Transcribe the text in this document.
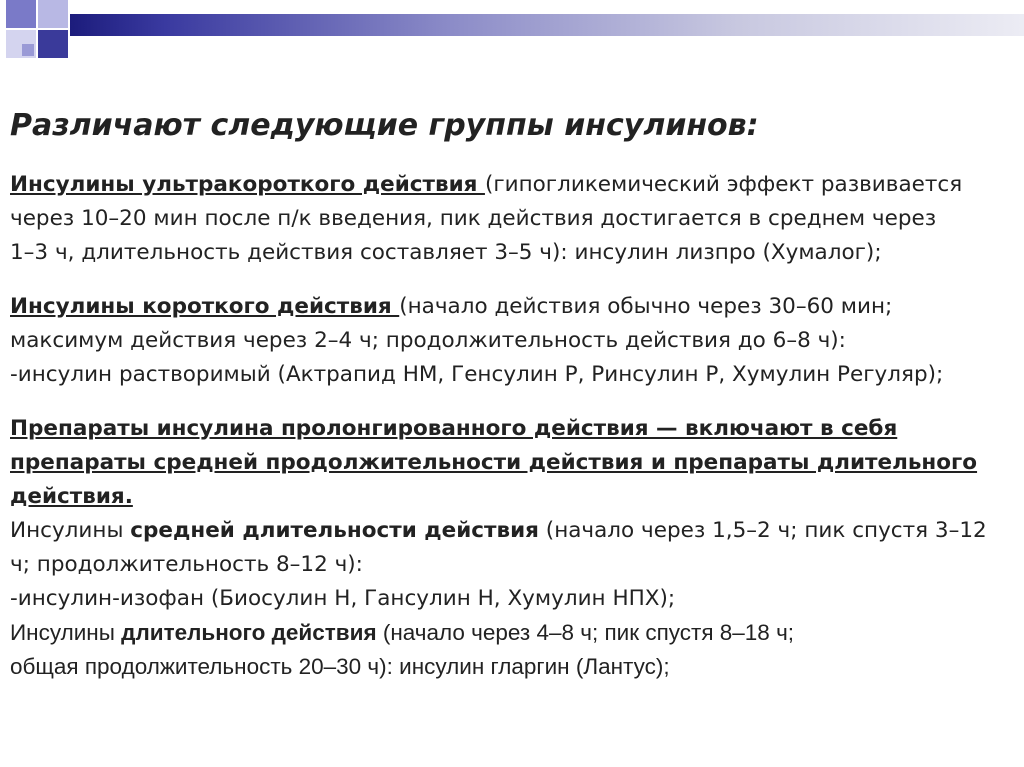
Различают следующие группы инсулинов:
Инсулины ультракороткого действия (гипогликемический эффект развивается
через 10–20 мин после п/к введения, пик действия достигается в среднем через
1–3 ч, длительность действия составляет 3–5 ч): инсулин лизпро (Хумалог);
Инсулины короткого действия (начало действия обычно через 30–60 мин;
максимум действия через 2–4 ч; продолжительность действия до 6–8 ч):
-инсулин растворимый (Актрапид НМ, Генсулин Р, Ринсулин Р, Хумулин Регуляр);
Препараты инсулина пролонгированного действия — включают в себя
препараты средней продолжительности действия и препараты длительного
действия.
Инсулины средней длительности действия (начало через 1,5–2 ч; пик спустя 3–12
ч; продолжительность 8–12 ч):
-инсулин-изофан (Биосулин Н, Гансулин Н, Хумулин НПХ);
Инсулины длительного действия (начало через 4–8 ч; пик спустя 8–18 ч;
общая продолжительность 20–30 ч): инсулин гларгин (Лантус);
